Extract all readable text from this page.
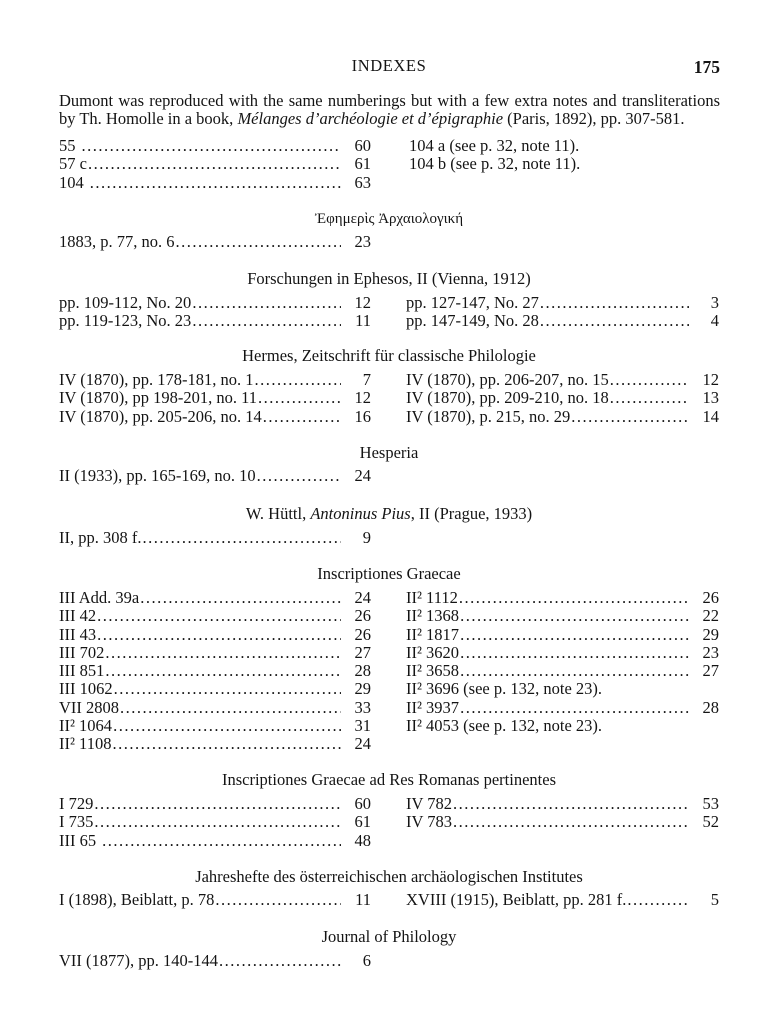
INDEXES	175
Dumont was reproduced with the same numberings but with a few extra notes and transliterations
by Th. Homolle in a book, Mélanges d’archéologie et d’épigraphie (Paris, 1892), pp. 307-581.
55 .....	60
57 c .....	61
104 .....	63
104 a (see p. 32, note 11).
104 b (see p. 32, note 11).
Ἐφημερὶς Ἀρχαιολογική
1883, p. 77, no. 6 .....	23
Forschungen in Ephesos, II (Vienna, 1912)
pp. 109-112, No. 20 .....	12
pp. 119-123, No. 23 .....	11
pp. 127-147, No. 27 .....	3
pp. 147-149, No. 28 .....	4
Hermes, Zeitschrift für classische Philologie
IV (1870), pp. 178-181, no. 1 .....	7
IV (1870), pp 198-201, no. 11 .....	12
IV (1870), pp. 205-206, no. 14 .....	16
IV (1870), pp. 206-207, no. 15 .....	12
IV (1870), pp. 209-210, no. 18 .....	13
IV (1870), p. 215, no. 29 .....	14
Hesperia
II (1933), pp. 165-169, no. 10 .....	24
W. Hüttl, Antoninus Pius, II (Prague, 1933)
II, pp. 308 f. .....	9
Inscriptiones Graecae
III Add. 39a .....	24
III 42 .....	26
III 43 .....	26
III 702 .....	27
III 851 .....	28
III 1062 .....	29
VII 2808 .....	33
II² 1064 .....	31
II² 1108 .....	24
II² 1112 .....	26
II² 1368 .....	22
II² 1817 .....	29
II² 3620 .....	23
II² 3658 .....	27
II² 3696 (see p. 132, note 23).
II² 3937 .....	28
II² 4053 (see p. 132, note 23).
Inscriptiones Graecae ad Res Romanas pertinentes
I 729 .....	60
I 735 .....	61
III 65 .....	48
IV 782 .....	53
IV 783 .....	52
Jahreshefte des österreichischen archäologischen Institutes
I (1898), Beiblatt, p. 78 .....	11 XVIII (1915), Beiblatt, pp. 281 f. .....	5
Journal of Philology
VII (1877), pp. 140-144 .....	6
